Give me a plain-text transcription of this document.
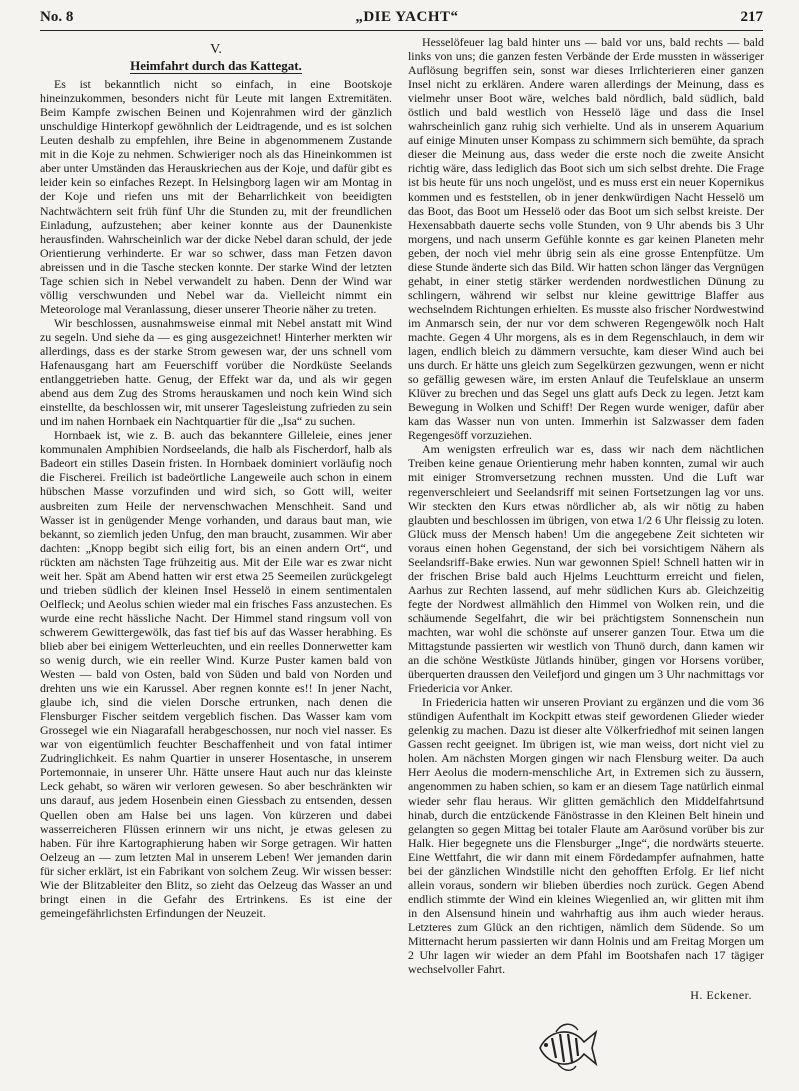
No. 8	„DIE YACHT“	217
V.
Heimfahrt durch das Kattegat.

Es ist bekanntlich nicht so einfach, in eine Bootskoje hineinzukommen, besonders nicht für Leute mit langen Extremitäten. Beim Kampfe zwischen Beinen und Kojenrahmen wird der gänzlich unschuldige Hinterkopf gewöhnlich der Leidtragende, und es ist solchen Leuten deshalb zu empfehlen, ihre Beine in abgenommenem Zustande mit in die Koje zu nehmen. Schwieriger noch als das Hineinkommen ist aber unter Umständen das Herauskriechen aus der Koje, und dafür gibt es leider kein so einfaches Rezept. In Helsingborg lagen wir am Montag in der Koje und riefen uns mit der Beharrlichkeit von beeidigten Nachtwächtern seit früh fünf Uhr die Stunden zu, mit der freundlichen Einladung, aufzustehen; aber keiner konnte aus der Daunenkiste herausfinden. Wahrscheinlich war der dicke Nebel daran schuld, der jede Orientierung verhinderte. Er war so schwer, dass man Fetzen davon abreissen und in die Tasche stecken konnte. Der starke Wind der letzten Tage schien sich in Nebel verwandelt zu haben. Denn der Wind war völlig verschwunden und Nebel war da. Vielleicht nimmt ein Meteorologe mal Veranlassung, dieser unserer Theorie näher zu treten.

Wir beschlossen, ausnahmsweise einmal mit Nebel anstatt mit Wind zu segeln. Und siehe da — es ging ausgezeichnet! Hinterher merkten wir allerdings, dass es der starke Strom gewesen war, der uns schnell vom Hafenausgang hart am Feuerschiff vorüber die Nordküste Seelands entlanggetrieben hatte. Genug, der Effekt war da, und als wir gegen abend aus dem Zug des Stroms herauskamen und noch kein Wind sich einstellte, da beschlossen wir, mit unserer Tagesleistung zufrieden zu sein und im nahen Hornbaek ein Nachtquartier für die „Isa“ zu suchen.

Hornbaek ist, wie z. B. auch das bekanntere Gilleleie, eines jener kommunalen Amphibien Nordseelands, die halb als Fischerdorf, halb als Badeort ein stilles Dasein fristen. In Hornbaek dominiert vorläufig noch die Fischerei. Freilich ist badeörtliche Langeweile auch schon in einem hübschen Masse vorzufinden und wird sich, so Gott will, weiter ausbreiten zum Heile der nervenschwachen Menschheit. Sand und Wasser ist in genügender Menge vorhanden, und daraus baut man, wie bekannt, so ziemlich jeden Unfug, den man braucht, zusammen. Wir aber dachten: „Knopp begibt sich eilig fort, bis an einen andern Ort“, und rückten am nächsten Tage frühzeitig aus. Mit der Eile war es zwar nicht weit her. Spät am Abend hatten wir erst etwa 25 Seemeilen zurückgelegt und trieben südlich der kleinen Insel Hesselö in einem sentimentalen Oelfleck; und Aeolus schien wieder mal ein frisches Fass anzustechen. Es wurde eine recht hässliche Nacht. Der Himmel stand ringsum voll von schwerem Gewittergewölk, das fast tief bis auf das Wasser herabhing. Es blieb aber bei einigem Wetterleuchten, und ein reelles Donnerwetter kam so wenig durch, wie ein reeller Wind. Kurze Puster kamen bald von Westen — bald von Osten, bald von Süden und bald von Norden und drehten uns wie ein Karussel. Aber regnen konnte es!! In jener Nacht, glaube ich, sind die vielen Dorsche ertrunken, nach denen die Flensburger Fischer seitdem vergeblich fischen. Das Wasser kam vom Grossegel wie ein Niagarafall herabgeschossen, nur noch viel nasser. Es war von eigentümlich feuchter Beschaffenheit und von fatal intimer Zudringlichkeit. Es nahm Quartier in unserer Hosentasche, in unserem Portemonnaie, in unserer Uhr. Hätte unsere Haut auch nur das kleinste Leck gehabt, so wären wir verloren gewesen. So aber beschränkten wir uns darauf, aus jedem Hosenbein einen Giessbach zu entsenden, dessen Quellen oben am Halse bei uns lagen. Von kürzeren und dabei wasserreicheren Flüssen erinnern wir uns nicht, je etwas gelesen zu haben. Für ihre Kartographierung haben wir Sorge getragen. Wir hatten Oelzeug an — zum letzten Mal in unserem Leben! Wer jemanden darin für sicher erklärt, ist ein Fabrikant von solchem Zeug. Wir wissen besser: Wie der Blitzableiter den Blitz, so zieht das Oelzeug das Wasser an und bringt einen in die Gefahr des Ertrinkens. Es ist eine der gemeingefährlichsten Erfindungen der Neuzeit.

Hesselöfeuer lag bald hinter uns — bald vor uns, bald rechts — bald links von uns; die ganzen festen Verbände der Erde mussten in wässeriger Auflösung begriffen sein, sonst war dieses Irrlichterieren einer ganzen Insel nicht zu erklären. Andere waren allerdings der Meinung, dass es vielmehr unser Boot wäre, welches bald nördlich, bald südlich, bald östlich und bald westlich von Hesselö läge und dass die Insel wahrscheinlich ganz ruhig sich verhielte. Und als in unserem Aquarium auf einige Minuten unser Kompass zu schimmern sich bemühte, da sprach dieser die Meinung aus, dass weder die erste noch die zweite Ansicht richtig wäre, dass lediglich das Boot sich um sich selbst drehte. Die Frage ist bis heute für uns noch ungelöst, und es muss erst ein neuer Kopernikus kommen und es feststellen, ob in jener denkwürdigen Nacht Hesselö um das Boot, das Boot um Hesselö oder das Boot um sich selbst kreiste. Der Hexensabbath dauerte sechs volle Stunden, von 9 Uhr abends bis 3 Uhr morgens, und nach unserm Gefühle konnte es gar keinen Planeten mehr geben, der noch viel mehr übrig sein als eine grosse Entenpfütze. Um diese Stunde änderte sich das Bild. Wir hatten schon länger das Vergnügen gehabt, in einer stetig stärker werdenden nordwestlichen Dünung zu schlingern, während wir selbst nur kleine gewittrige Blaffer aus wechselndem Richtungen erhielten. Es musste also frischer Nordwestwind im Anmarsch sein, der nur vor dem schweren Regengewölk noch Halt machte. Gegen 4 Uhr morgens, als es in dem Regenschlauch, in dem wir lagen, endlich bleich zu dämmern versuchte, kam dieser Wind auch bei uns durch. Er hätte uns gleich zum Segelkürzen gezwungen, wenn er nicht so gefällig gewesen wäre, im ersten Anlauf die Teufelsklaue an unserm Klüver zu brechen und das Segel uns glatt aufs Deck zu legen. Jetzt kam Bewegung in Wolken und Schiff! Der Regen wurde weniger, dafür aber kam das Wasser nun von unten. Immerhin ist Salzwasser dem faden Regengesöff vorzuziehen.

Am wenigsten erfreulich war es, dass wir nach dem nächtlichen Treiben keine genaue Orientierung mehr haben konnten, zumal wir auch mit einiger Stromversetzung rechnen mussten. Und die Luft war regenverschleiert und Seelandsriff mit seinen Fortsetzungen lag vor uns. Wir steckten den Kurs etwas nördlicher ab, als wir nötig zu haben glaubten und beschlossen im übrigen, von etwa 1/2 6 Uhr fleissig zu loten. Glück muss der Mensch haben! Um die angegebene Zeit sichteten wir voraus einen hohen Gegenstand, der sich bei vorsichtigem Nähern als Seelandsriff-Bake erwies. Nun war gewonnen Spiel! Schnell hatten wir in der frischen Brise bald auch Hjelms Leuchtturm erreicht und fielen, Aarhus zur Rechten lassend, auf mehr südlichen Kurs ab. Gleichzeitig fegte der Nordwest allmählich den Himmel von Wolken rein, und die schäumende Segelfahrt, die wir bei prächtigstem Sonnenschein nun machten, war wohl die schönste auf unserer ganzen Tour. Etwa um die Mittagstunde passierten wir westlich von Thunö durch, dann kamen wir an die schöne Westküste Jütlands hinüber, gingen vor Horsens vorüber, überquerten draussen den Veilefjord und gingen um 3 Uhr nachmittags vor Friedericia vor Anker.

In Friedericia hatten wir unseren Proviant zu ergänzen und die vom 36 stündigen Aufenthalt im Kockpitt etwas steif gewordenen Glieder wieder gelenkig zu machen. Dazu ist dieser alte Völkerfriedhof mit seinen langen Gassen recht geeignet. Im übrigen ist, wie man weiss, dort nicht viel zu holen. Am nächsten Morgen gingen wir nach Flensburg weiter. Da auch Herr Aeolus die modern-menschliche Art, in Extremen sich zu äussern, angenommen zu haben schien, so kam er an diesem Tage natürlich einmal wieder sehr flau heraus. Wir glitten gemächlich den Middelfahrtsund hinab, durch die entzückende Fänöstrasse in den Kleinen Belt hinein und gelangten so gegen Mittag bei totaler Flaute am Aarösund vorüber bis zur Halk. Hier begegnete uns die Flensburger „Inge“, die nordwärts steuerte. Eine Wettfahrt, die wir dann mit einem Fördedampfer aufnahmen, hatte bei der gänzlichen Windstille nicht den gehofften Erfolg. Er lief nicht allein voraus, sondern wir blieben überdies noch zurück. Gegen Abend endlich stimmte der Wind ein kleines Wiegenlied an, wir glitten mit ihm in den Alsensund hinein und wahrhaftig aus ihm auch wieder heraus. Letzteres zum Glück an den richtigen, nämlich dem Südende. So um Mitternacht herum passierten wir dann Holnis und am Freitag Morgen um 2 Uhr lagen wir wieder an dem Pfahl im Bootshafen nach 17 tägiger wechselvoller Fahrt.

H. Eckener.
